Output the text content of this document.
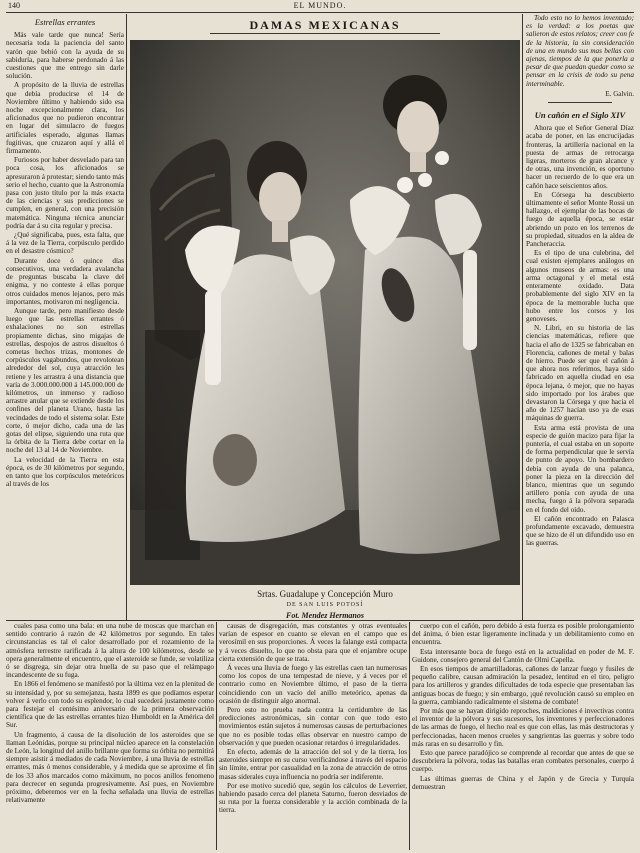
140	EL MUNDO.
Estrellas errantes

Más vale tarde que nunca! Sería necesaria toda la paciencia del santo varón que bebió con la ayuda de su sabiduría, para haberse perdonado á las cuestiones que me entrego sin darle solución.

A propósito de la lluvia de estrellas que debía producirse el 14 de Noviembre último y habiendo sido esa noche excepcionalmente clara, los aficionados que no pudieron encontrar en lugar del simulacro de fuegos artificiales esperado, algunas llamas fugitivas, que cruzaron aquí y allá el firmamento.

Furiosos por haber desvelado para tan poca cosa, los aficionados se apresuraron á protestar; siendo tanto más serio el hecho, cuanto que la Astronomía pasa con justo título por la más exacta de las ciencias y sus predicciones se cumplen, en general, con una precisión matemática. Ninguna técnica anunciar podría dar á su cita regular y precisa.

¿Qué significaba, pues, esta falta, que á la vez de la Tierra, corpúsculo perdido en el desastre cósmico?

Durante doce ó quince días consecutivos, una verdadera avalancha de preguntas buscaba la clave del enigma, y no conteste á ellas porque otros cuidados menos lejanos, pero más importantes, motivaron mi negligencia.

Aunque tarde, pero manifiesto desde luego que las estrellas errantes ó exhalaciones no son estrellas propiamente dichas, sino migajas de estrellas, despojos de astros disueltos ó cometas hechos trizas, montones de corpúsculos vagabundos, que revolotean alrededor del sol, cuya atracción les retiene y les arrastra á una distancia que varía de 3.000.000.000 á 145.000.000 de kilómetros, un inmenso y radioso arrastre anular que se extiende desde los confines del planeta Urano, hasta las vecindades de todo el sistema solar. Este corte, ó mejor dicho, cada una de las gotas del elipse, siguiendo una ruta que la órbita de la Tierra debe cortar en la noche del 13 al 14 de Noviembre.

La velocidad de la Tierra en esta época, es de 30 kilómetros por segundo, en tanto que los corpúsculos meteóricos al través de los

DAMAS MEXICANAS
Srtas. Guadalupe y Concepción Muro
DE SAN LUIS POTOSÍ
Fot. Mendez Hermanos

Todo esto no lo hemos inventado; es la verdad: a los poetas que salieron de estos relatos; creer con fe de la historia, la sin consideración de una en mundo sus mas bellas con ajenas, tiempos de la que ponerla a pesar de que puedan quedar como se pensar en la crisis de todo su pena interminable.

E. Galvin.
Un cañón en el Siglo XIV

Ahora que el Señor General Díaz acaba de poner, en las encrucijadas fronteras, la artillería nacional en la puesta de armas de retrocarga ligeras, morteros de gran alcance y de otras, una invención, es oportuno hacer un recuerdo de lo que era un cañón hace seiscientos años.

En Córsega ha descubierto últimamente el señor Monte Rossi un hallazgo, el ejemplar de las bocas de fuego de aquella época, se estar abriendo un pozo en los terrenos de su propiedad, situados en la aldea de Pancheraccia.

Es el tipo de una culebrina, del cual existen ejemplares análogos en algunos museos de armas: es una arma octagonal y el metal está enteramente oxidado. Data probablemente del siglo XIV en la época de la memorable lucha que hubo entre los corsos y los genoveses.

N. Libri, en su historia de las ciencias matemáticas, refiere que hacia el año de 1325 se fabricaban en Florencia, cañones de metal y balas de hierro. Puede ser que el cañón á que ahora nos referimos, haya sido fabricado en aquella ciudad en esa época lejana, ó mejor, que no hayas sido importado por los árabes que devastaron la Córsega y que hacia el año de 1257 hacían uso ya de esas máquinas de guerra.

Esta arma está provista de una especie de guión macizo para fijar la puntería, el cual estaba en un soporte de forma perpendicular que le servía de punto de apoyo. Un bombardero debía con ayuda de una palanca, poner la pieza en la dirección del blanco, mientras que un segundo artillero ponía con ayuda de una mecha, fuego á la pólvora separada en el fondo del oído.

El cañón encontrado en Palasca profundamente excavado, demuestra que se hizo de él un difundido uso en las guerras.

cuales pasa como una bala: en una nube de moscas que marchan en sentido contrario á razón de 42 kilómetros por segundo. En tales circunstancias es tal el calor desarrollado por el rozamiento de la atmósfera terrestre rarificada á la altura de 100 kilómetros, desde se opera generalmente el encuentro, que el asteroide se funde, se volatiliza ó se disgrega, sin dejar otra huella de su paso que el relámpago incandescente de su fuga.

En 1866 el fenómeno se manifestó por la última vez en la plenitud de su intensidad y, por su semejanza, hasta 1899 es que podíamos esperar volver á verlo con todo su esplendor, lo cual sucederá justamente como para festejar el centésimo aniversario de la primera observación científica que de las estrellas errantes hizo Humboldt en la América del Sur.

Un fragmento, á causa de la disolución de los asteroides que se llaman Leónidas, porque su principal núcleo aparece en la constelación de León, la longitud del anillo brillante que forma su órbita no permitirá siempre asistir á mediados de cada Noviembre, á una lluvia de estrellas errantes, más ó menos considerable, y á medida que se aproxime el fin de los 33 años marcados como máximum, no pocos anillos fenomeno para decrecer en segunda progresivamente. Así pues, en Noviembre próximo, deberemos ver en la fecha señalada una lluvia de estrellas relativamente

causas de disgregación, mas constantes y otras eventuales varían de espesor en cuanto se elevan en el campo que es verosímil en sus proporciones. Á veces la falange está compacta y á veces disuelto, lo que no obsta para que el enjambre ocupe cierta extensión de que se trata.

Á veces una lluvia de fuego y las estrellas caen tan numerosas como los copos de una tempestad de nieve, y á veces por el contrario como en Noviembre último, el paso de la tierra coincidiendo con un vacío del anillo meteórico, apenas da ocasión de distinguir algo anormal.

Pero esto no prueba nada contra la certidumbre de las predicciones astronómicas, sin contar con que todo esto movimientos están sujetos á numerosas causas de perturbaciones que no es posible todas ellas observar en nuestro campo de observación y que pueden ocasionar retardos ó irregularidades.

En efecto, además de la atracción del sol y de la tierra, los asteroides siempre en su curso verificándose á través del espacio sin límite, entrar por casualidad en la zona de atracción de otros masas siderales cuya influencia no podría ser indiferente.

Por ese motivo sucedió que, según los cálculos de Leverrier, habiendo pasado cerca del planeta Saturno, fueron desviados de su ruta por la fuerza considerable y la acción combinada de la tierra.

cuerpo con el cañón, pero debido á esta fuerza es posible prolongamiento del ánima, ó bien estar ligeramente inclinada y un debilitamiento como en encuentra.

Esta interesante boca de fuego está en la actualidad en poder de M. F. Guidone, consejero general del Cantón de Olmi Capella.

En esos tiempos de amartilladoras, cañones de lanzar fuego y fusiles de pequeño calibre, causan admiración la pesadez, lentitud en el tiro, peligro para los artilleros y grandes dificultades de toda especie que presentaban las antiguas bocas de fuego; y sin embargo, ¡qué revolución causó su empleo en la guerra, cambiando radicalmente el sistema de combate!

Por más que se hayan dirigido reproches, maldiciones é invectivas contra el inventor de la pólvora y sus sucesores, los inventores y perfeccionadores de las armas de fuego, el hecho real es que con ellas, las más destructoras y perfeccionadas, hacen menos crueles y sangrientas las guerras y sobre todo más raras en su desarrollo y fin.

Esto que parece paradójico se comprende al recordar que antes de que se descubriera la pólvora, todas las batallas eran combates personales, cuerpo á cuerpo.

Las últimas guerras de China y el Japón y de Grecia y Turquía demuestran
